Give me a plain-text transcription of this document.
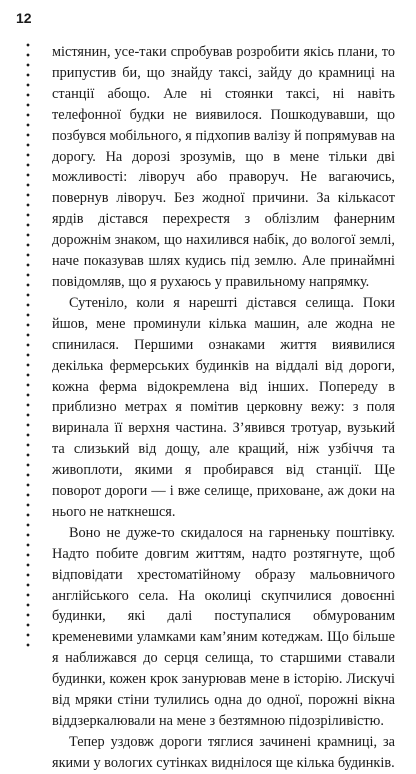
12

містянин, усе-таки спробував розробити якісь плани, то припустив би, що знайду таксі, зайду до крамниці на станції абощо. Але ні стоянки таксі, ні навіть телефонної будки не виявилося. Пошкодувавши, що позбувся мобільного, я підхопив валізу й попрямував на дорогу. На дорозі зрозумів, що в мене тільки дві можливості: ліворуч або праворуч. Не вагаючись, повернув ліворуч. Без жодної причини. За кількасот ярдів дістався перехрестя з облізлим фанерним дорожнім знаком, що нахилився набік, до вологої землі, наче показував шлях кудись під землю. Але принаймні повідомляв, що я рухаюсь у правильному напрямку.

Сутеніло, коли я нарешті дістався селища. Поки йшов, мене проминули кілька машин, але жодна не спинилася. Першими ознаками життя виявилися декілька фермерських будинків на віддалі від дороги, кожна ферма відокремлена від інших. Попереду в приблизно метрах я помітив церковну вежу: з поля виринала її верхня частина. З’явився тротуар, вузький та слизький від дощу, але кращий, ніж узбіччя та живоплоти, якими я пробирався від станції. Ще поворот дороги — і вже селище, приховане, аж доки на нього не наткнешся.

Воно не дуже-то скидалося на гарненьку поштівку. Надто побите довгим життям, надто розтягнуте, щоб відповідати хрестоматійному образу мальовничого англійського села. На околиці скупчилися довоєнні будинки, які далі поступалися обмурованим кременевими уламками кам’яним котеджам. Що більше я наближався до серця селища, то старшими ставали будинки, кожен крок занурював мене в історію. Лискучі від мряки стіни тулились одна до одної, порожні вікна віддзеркалювали на мене з безтямною підозріливістю.

Тепер уздовж дороги тяглися зачинені крамниці, за якими у вологих сутінках виднілося ще кілька будинків.
